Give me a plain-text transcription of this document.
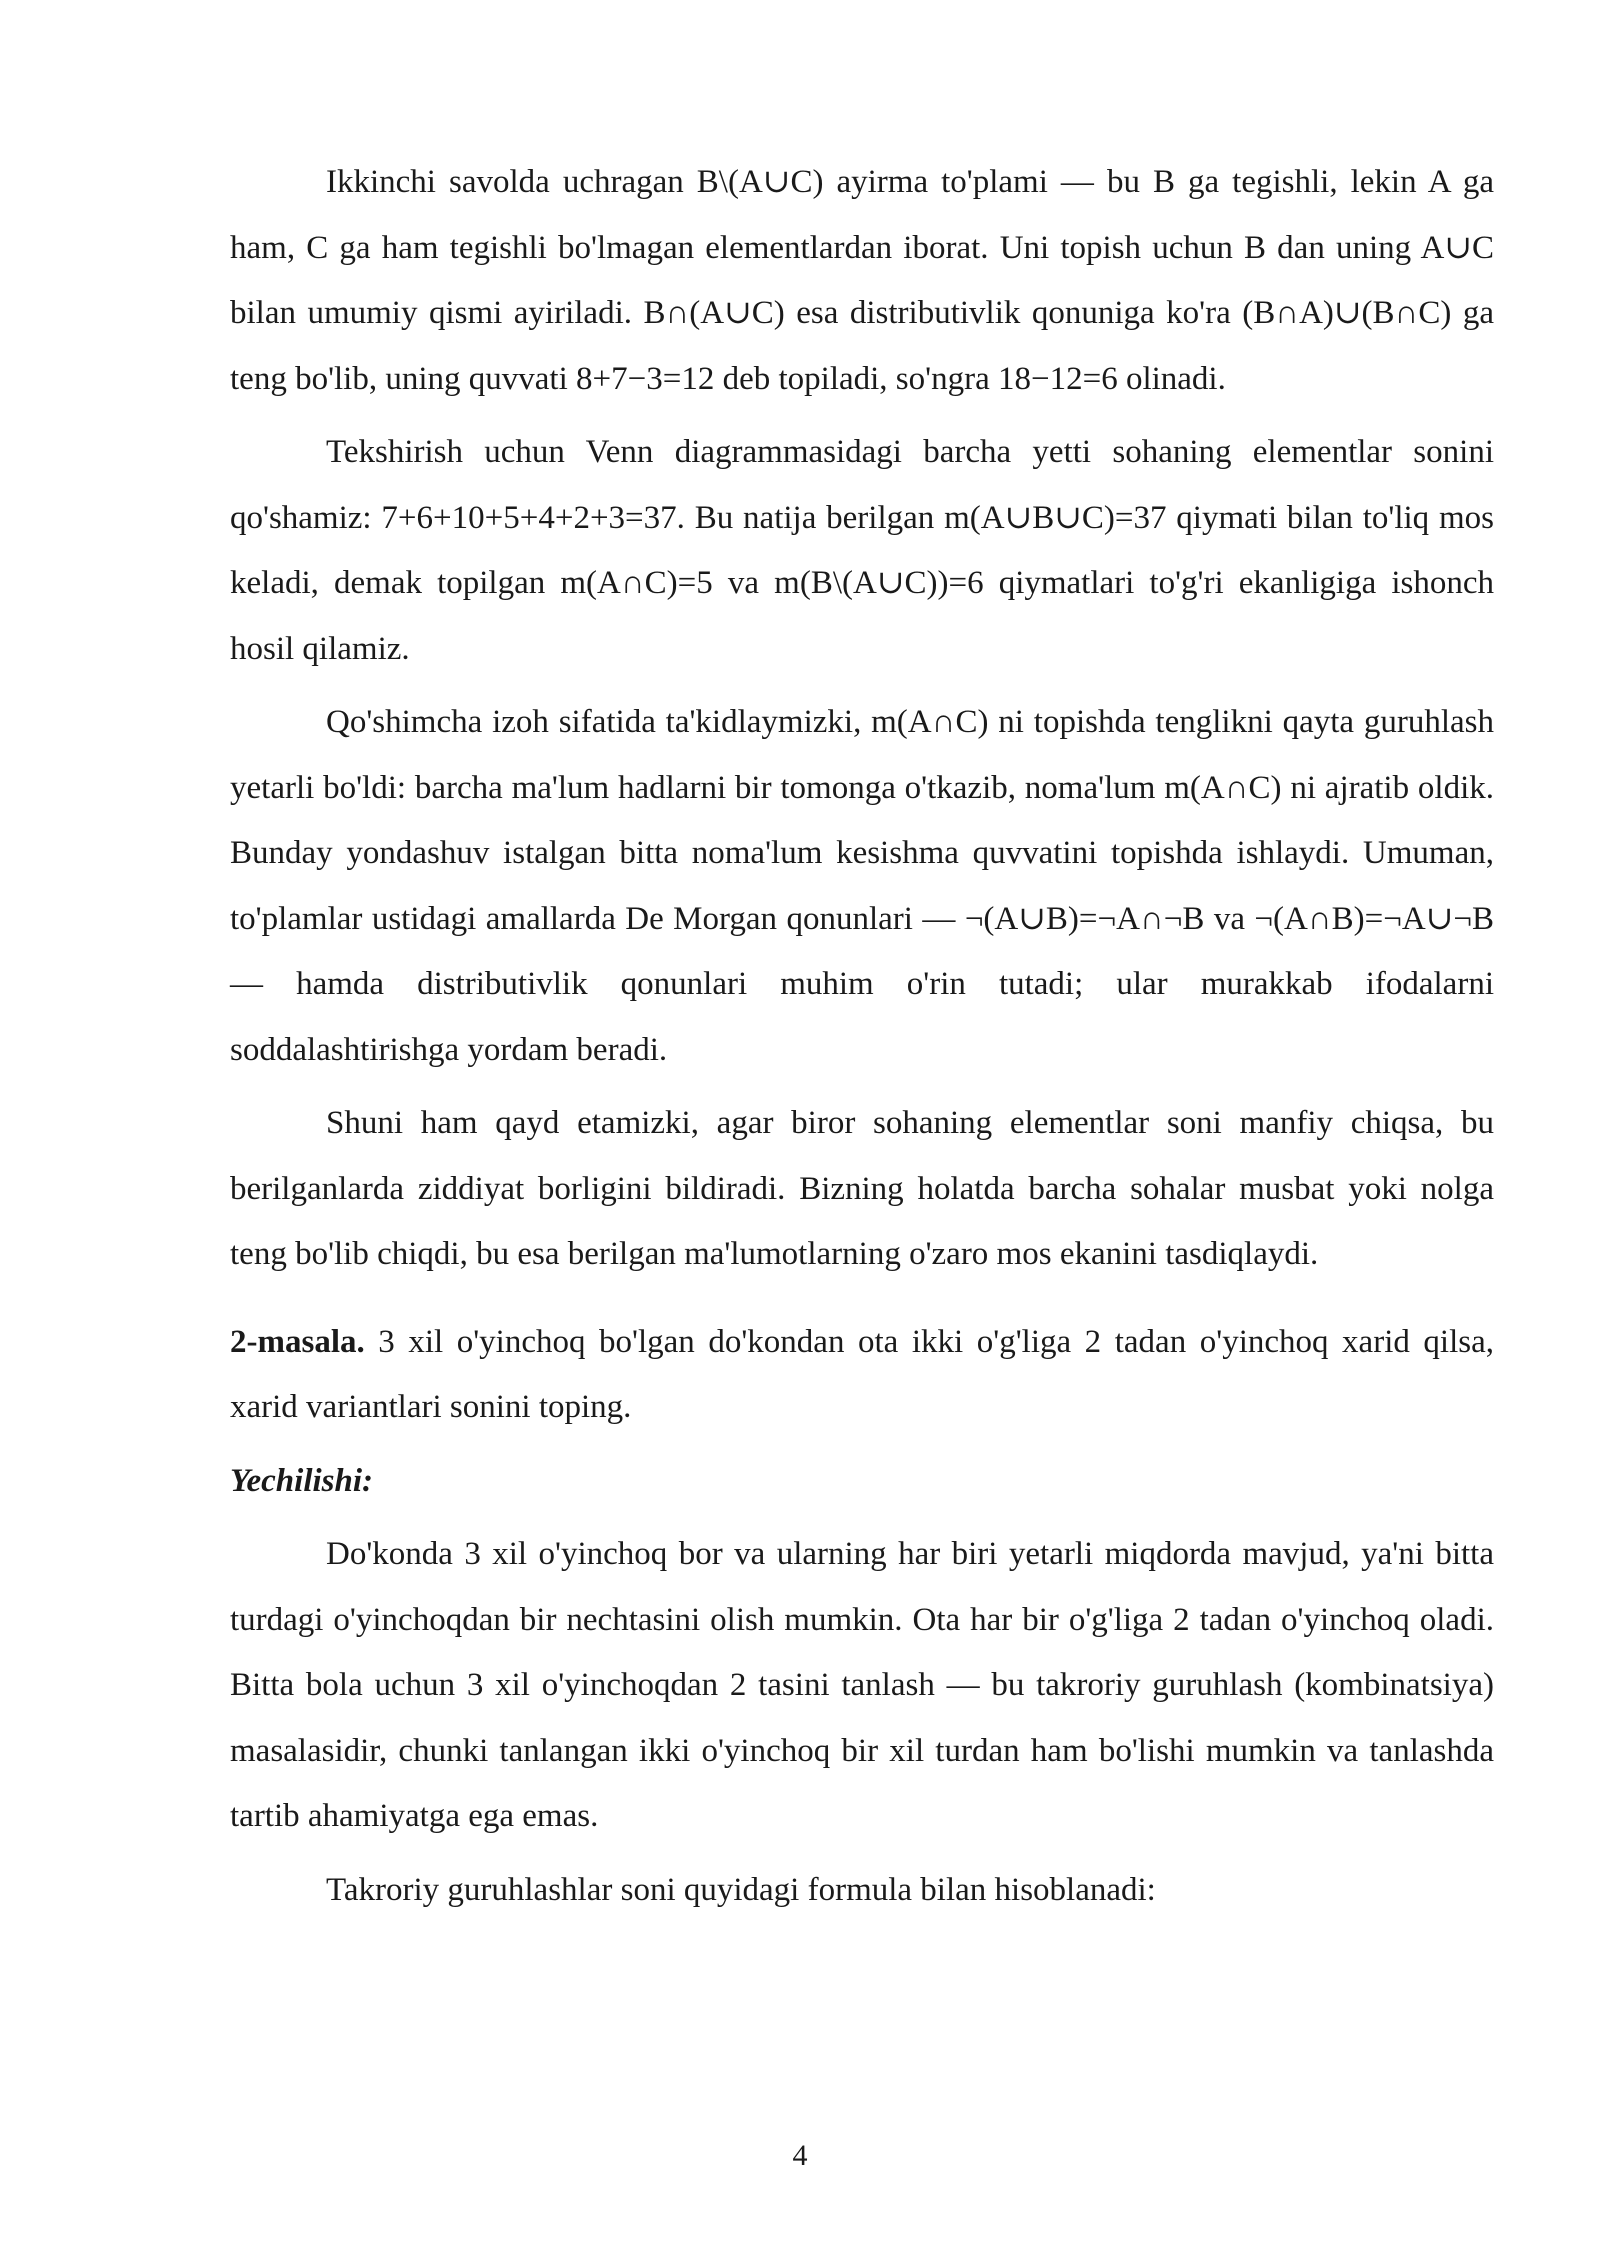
Ikkinchi savolda uchragan B\(A∪C) ayirma to'plami — bu B ga tegishli, lekin A ga ham, C ga ham tegishli bo'lmagan elementlardan iborat. Uni topish uchun B dan uning A∪C bilan umumiy qismi ayiriladi. B∩(A∪C) esa distributivlik qonuniga ko'ra (B∩A)∪(B∩C) ga teng bo'lib, uning quvvati 8+7−3=12 deb topiladi, so'ngra 18−12=6 olinadi.

Tekshirish uchun Venn diagrammasidagi barcha yetti sohaning elementlar sonini qo'shamiz: 7+6+10+5+4+2+3=37. Bu natija berilgan m(A∪B∪C)=37 qiymati bilan to'liq mos keladi, demak topilgan m(A∩C)=5 va m(B\(A∪C))=6 qiymatlari to'g'ri ekanligiga ishonch hosil qilamiz.

Qo'shimcha izoh sifatida ta'kidlaymizki, m(A∩C) ni topishda tenglikni qayta guruhlash yetarli bo'ldi: barcha ma'lum hadlarni bir tomonga o'tkazib, noma'lum m(A∩C) ni ajratib oldik. Bunday yondashuv istalgan bitta noma'lum kesishma quvvatini topishda ishlaydi. Umuman, to'plamlar ustidagi amallarda De Morgan qonunlari — ¬(A∪B)=¬A∩¬B va ¬(A∩B)=¬A∪¬B — hamda distributivlik qonunlari muhim o'rin tutadi; ular murakkab ifodalarni soddalashtirishga yordam beradi.

Shuni ham qayd etamizki, agar biror sohaning elementlar soni manfiy chiqsa, bu berilganlarda ziddiyat borligini bildiradi. Bizning holatda barcha sohalar musbat yoki nolga teng bo'lib chiqdi, bu esa berilgan ma'lumotlarning o'zaro mos ekanini tasdiqlaydi.

2-masala. 3 xil o'yinchoq bo'lgan do'kondan ota ikki o'g'liga 2 tadan o'yinchoq xarid qilsa, xarid variantlari sonini toping.

Yechilishi:

Do'konda 3 xil o'yinchoq bor va ularning har biri yetarli miqdorda mavjud, ya'ni bitta turdagi o'yinchoqdan bir nechtasini olish mumkin. Ota har bir o'g'liga 2 tadan o'yinchoq oladi. Bitta bola uchun 3 xil o'yinchoqdan 2 tasini tanlash — bu takroriy guruhlash (kombinatsiya) masalasidir, chunki tanlangan ikki o'yinchoq bir xil turdan ham bo'lishi mumkin va tanlashda tartib ahamiyatga ega emas.

Takroriy guruhlashlar soni quyidagi formula bilan hisoblanadi:

4
